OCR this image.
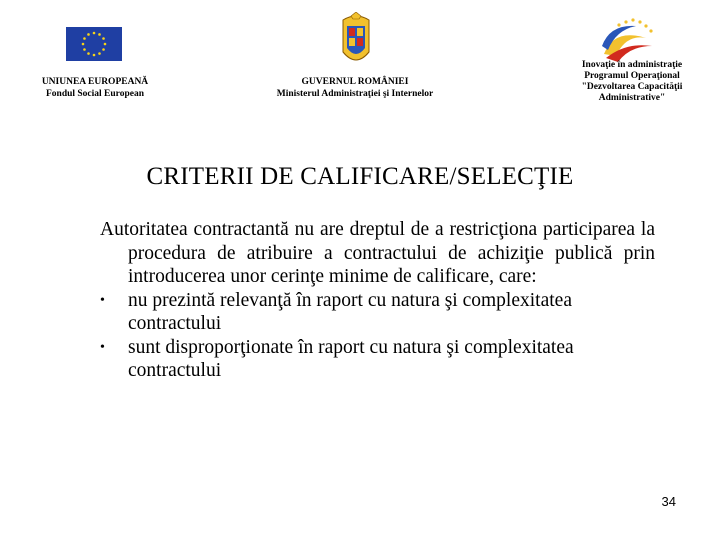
UNIUNEA EUROPEANĂ
Fondul Social European
GUVERNUL ROMÂNIEI
Ministerul Administraţiei şi Internelor
Inovaţie în administraţie
Programul Operaţional
"Dezvoltarea Capacităţii
Administrative"
CRITERII DE CALIFICARE/SELECŢIE

Autoritatea contractantă nu are dreptul de a restricţiona participarea la procedura de atribuire a contractului de achiziţie publică prin introducerea unor cerinţe minime de calificare, care:

•	nu prezintă relevanţă în raport cu natura şi complexitatea contractului
•	sunt disproporţionate în raport cu natura şi complexitatea contractului
34
